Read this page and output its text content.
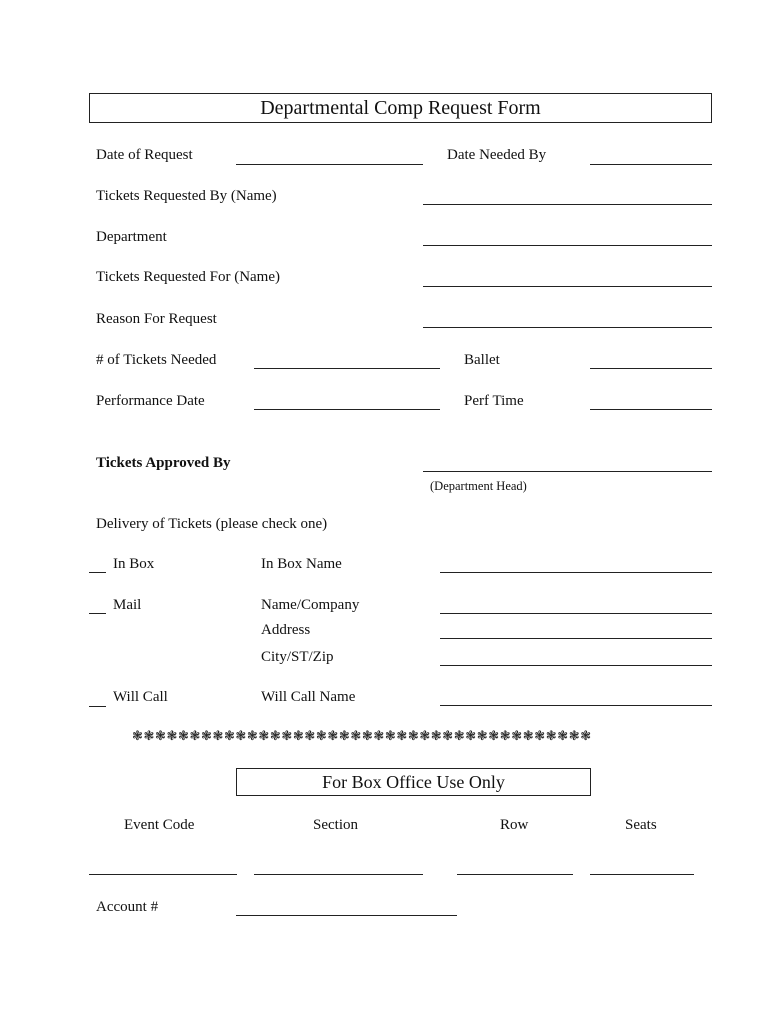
Departmental Comp Request Form
Date of Request	Date Needed By
Tickets Requested By (Name)
Department
Tickets Requested For (Name)
Reason For Request
# of Tickets Needed	Ballet
Performance Date	Perf Time
Tickets Approved By
(Department Head)
Delivery of Tickets (please check one)
In Box	In Box Name
Mail	Name/Company
Address
City/ST/Zip
Will Call	Will Call Name
❃❃❃❃❃❃❃❃❃❃❃❃❃❃❃❃❃❃❃❃❃❃❃❃❃❃❃❃❃❃❃❃❃❃❃❃❃❃❃❃
For Box Office Use Only
Event Code	Section	Row	Seats
Account #
